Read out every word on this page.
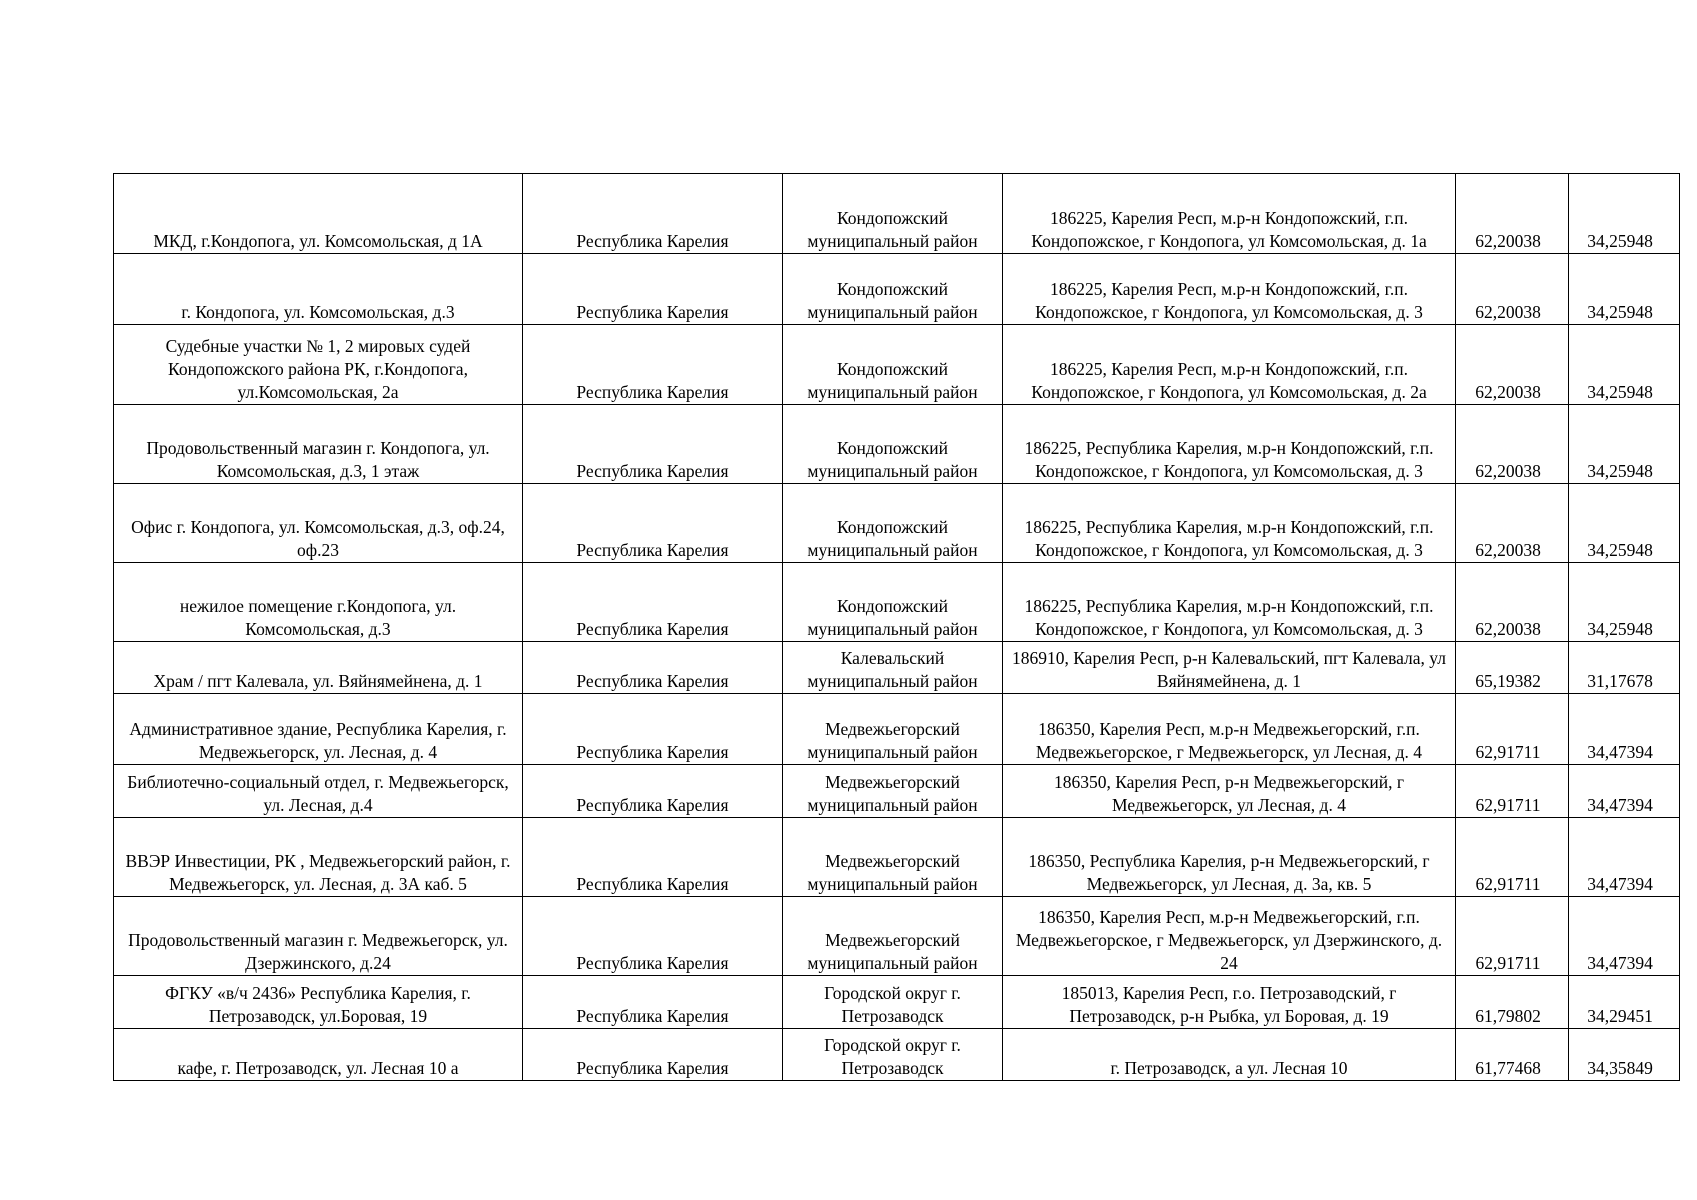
МКД, г.Кондопога, ул. Комсомольская, д 1А	Республика Карелия	Кондопожский муниципальный район	186225, Карелия Респ, м.р-н Кондопожский, г.п. Кондопожское, г Кондопога, ул Комсомольская, д. 1а	62,20038	34,25948
г. Кондопога, ул. Комсомольская, д.3	Республика Карелия	Кондопожский муниципальный район	186225, Карелия Респ, м.р-н Кондопожский, г.п. Кондопожское, г Кондопога, ул Комсомольская, д. 3	62,20038	34,25948
Судебные участки № 1, 2 мировых судей Кондопожского района РК, г.Кондопога, ул.Комсомольская, 2а	Республика Карелия	Кондопожский муниципальный район	186225, Карелия Респ, м.р-н Кондопожский, г.п. Кондопожское, г Кондопога, ул Комсомольская, д. 2а	62,20038	34,25948
Продовольственный магазин г. Кондопога, ул. Комсомольская, д.3, 1 этаж	Республика Карелия	Кондопожский муниципальный район	186225, Республика Карелия, м.р-н Кондопожский, г.п. Кондопожское, г Кондопога, ул Комсомольская, д. 3	62,20038	34,25948
Офис г. Кондопога, ул. Комсомольская, д.3, оф.24, оф.23	Республика Карелия	Кондопожский муниципальный район	186225, Республика Карелия, м.р-н Кондопожский, г.п. Кондопожское, г Кондопога, ул Комсомольская, д. 3	62,20038	34,25948
нежилое помещение г.Кондопога, ул. Комсомольская, д.3	Республика Карелия	Кондопожский муниципальный район	186225, Республика Карелия, м.р-н Кондопожский, г.п. Кондопожское, г Кондопога, ул Комсомольская, д. 3	62,20038	34,25948
Храм / пгт Калевала, ул. Вяйнямейнена, д. 1	Республика Карелия	Калевальский муниципальный район	186910, Карелия Респ, р-н Калевальский, пгт Калевала, ул Вяйнямейнена, д. 1	65,19382	31,17678
Административное здание, Республика Карелия, г. Медвежьегорск, ул. Лесная, д. 4	Республика Карелия	Медвежьегорский муниципальный район	186350, Карелия Респ, м.р-н Медвежьегорский, г.п. Медвежьегорское, г Медвежьегорск, ул Лесная, д. 4	62,91711	34,47394
Библиотечно-социальный отдел, г. Медвежьегорск, ул. Лесная, д.4	Республика Карелия	Медвежьегорский муниципальный район	186350, Карелия Респ, р-н Медвежьегорский, г Медвежьегорск, ул Лесная, д. 4	62,91711	34,47394
ВВЭР Инвестиции, РК , Медвежьегорский район, г. Медвежьегорск, ул. Лесная, д. 3А каб. 5	Республика Карелия	Медвежьегорский муниципальный район	186350, Республика Карелия, р-н Медвежьегорский, г Медвежьегорск, ул Лесная, д. 3а, кв. 5	62,91711	34,47394
Продовольственный магазин г. Медвежьегорск, ул. Дзержинского, д.24	Республика Карелия	Медвежьегорский муниципальный район	186350, Карелия Респ, м.р-н Медвежьегорский, г.п. Медвежьегорское, г Медвежьегорск, ул Дзержинского, д. 24	62,91711	34,47394
ФГКУ «в/ч 2436» Республика Карелия, г. Петрозаводск, ул.Боровая, 19	Республика Карелия	Городской округ г. Петрозаводск	185013, Карелия Респ, г.о. Петрозаводский, г Петрозаводск, р-н Рыбка, ул Боровая, д. 19	61,79802	34,29451
кафе, г. Петрозаводск, ул. Лесная 10 а	Республика Карелия	Городской округ г. Петрозаводск	г. Петрозаводск, а ул. Лесная 10	61,77468	34,35849
